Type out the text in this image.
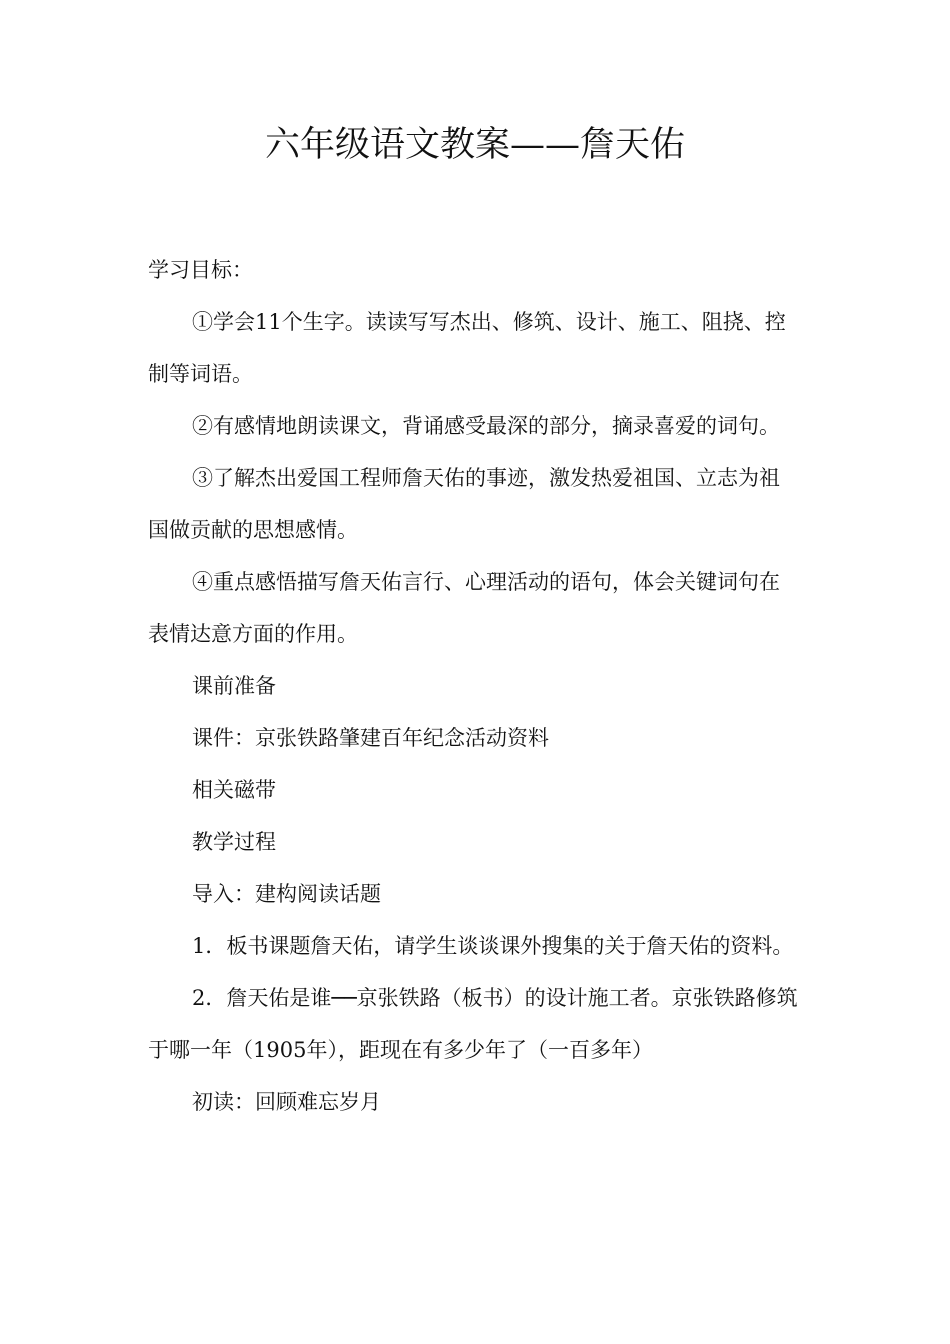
六年级语文教案——詹天佑

学习目标：

①学会11个生字。读读写写杰出、修筑、设计、施工、阻挠、控制等词语。

②有感情地朗读课文，背诵感受最深的部分，摘录喜爱的词句。

③了解杰出爱国工程师詹天佑的事迹，激发热爱祖国、立志为祖国做贡献的思想感情。

④重点感悟描写詹天佑言行、心理活动的语句，体会关键词句在表情达意方面的作用。

课前准备

课件：京张铁路肇建百年纪念活动资料

相关磁带

教学过程

导入：建构阅读话题

1．板书课题詹天佑，请学生谈谈课外搜集的关于詹天佑的资料。

2．詹天佑是谁──京张铁路（板书）的设计施工者。京张铁路修筑于哪一年（1905年），距现在有多少年了（一百多年）

初读：回顾难忘岁月
